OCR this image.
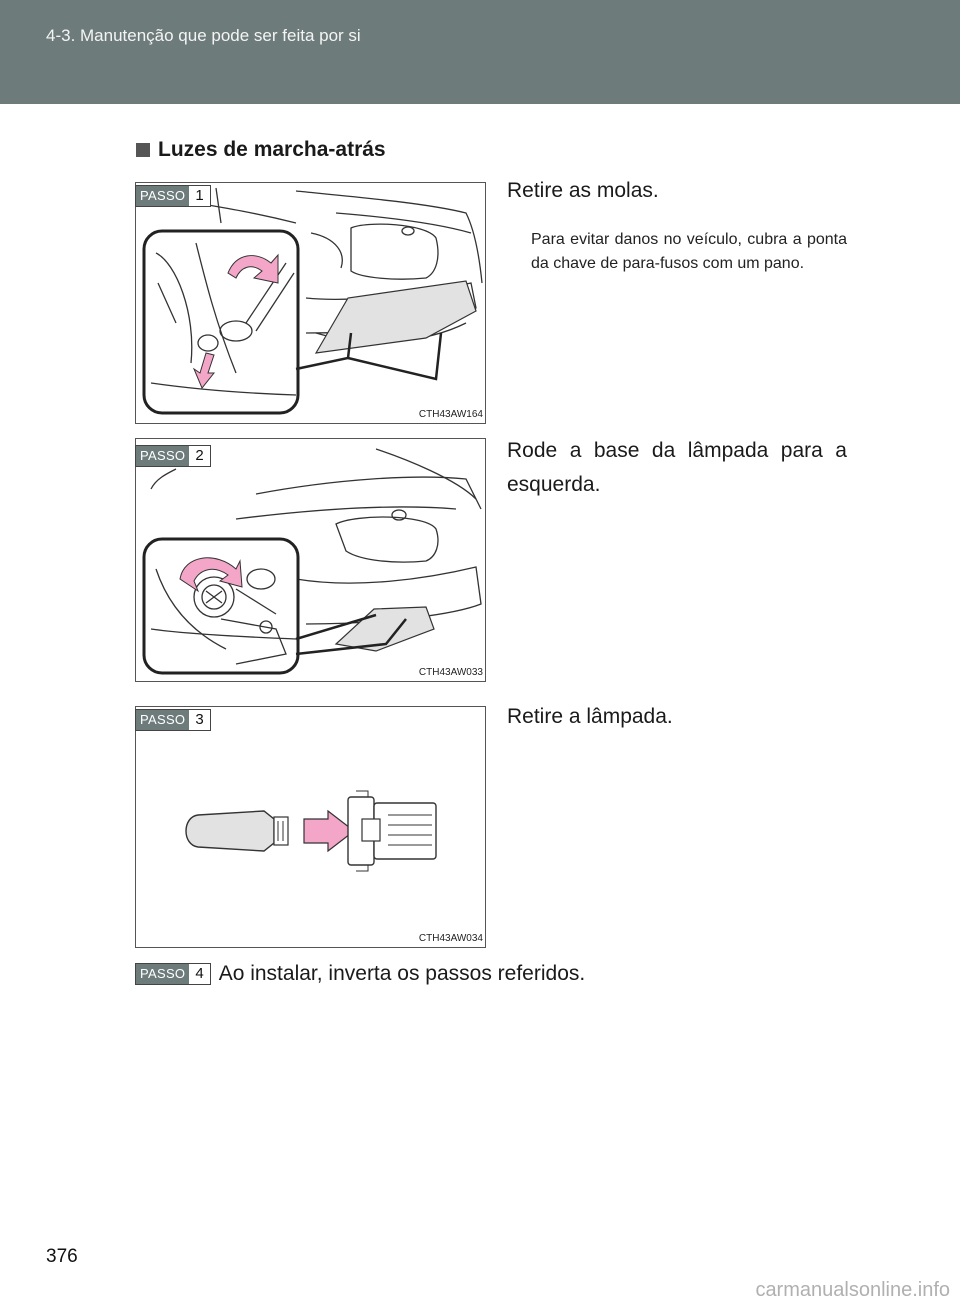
4-3. Manutenção que pode ser feita por si
Luzes de marcha-atrás
PASSO 1
CTH43AW164
Retire as molas.
Para evitar danos no veículo, cubra a ponta da chave de para-fusos com um pano.
PASSO 2
CTH43AW033
Rode a base da lâmpada para a esquerda.
PASSO 3
CTH43AW034
Retire a lâmpada.
PASSO 4 Ao instalar, inverta os passos referidos.
376
carmanualsonline.info
